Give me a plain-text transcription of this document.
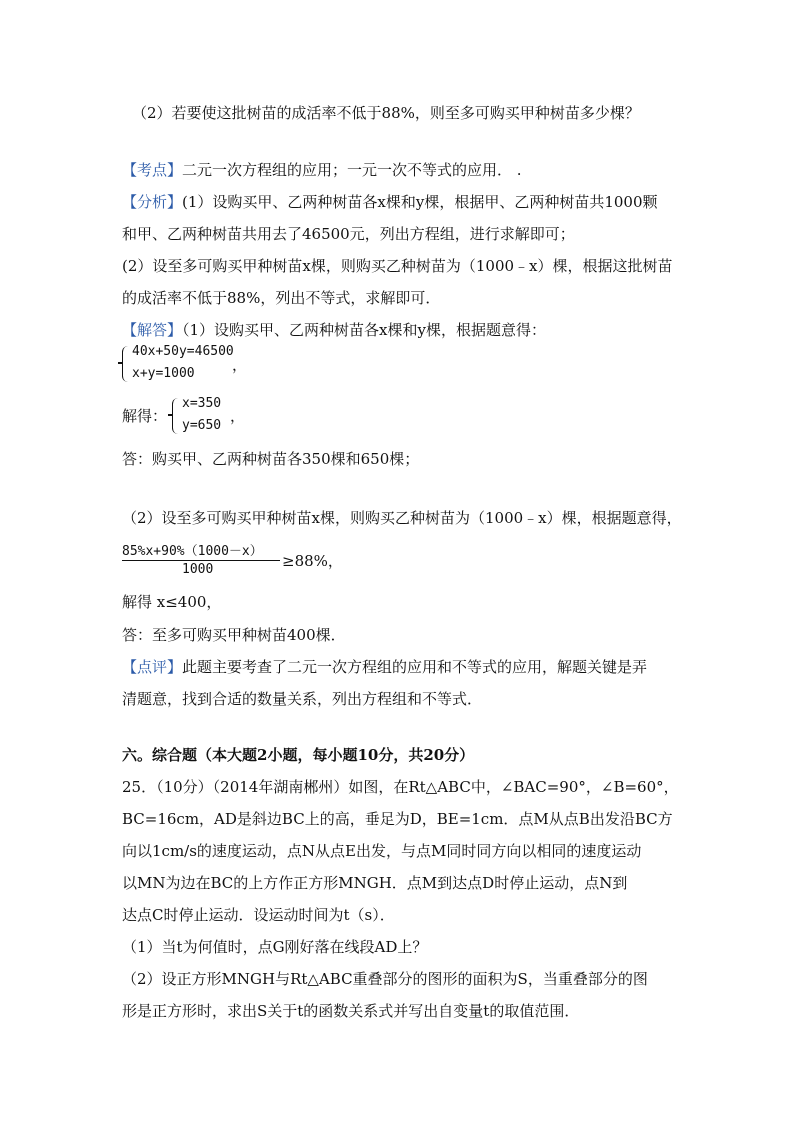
（2）若要使这批树苗的成活率不低于88%，则至多可购买甲种树苗多少棵？
【考点】二元一次方程组的应用；一元一次不等式的应用． .
【分析】(1）设购买甲、乙两种树苗各x棵和y棵，根据甲、乙两种树苗共1000颗
和甲、乙两种树苗共用去了46500元，列出方程组，进行求解即可；
(2）设至多可购买甲种树苗x棵，则购买乙种树苗为（1000﹣x）棵，根据这批树苗
的成活率不低于88%，列出不等式，求解即可．
【解答】（1）设购买甲、乙两种树苗各x棵和y棵，根据题意得：
40x+50y=46500
x+y=1000 ，
解得：
x=350
y=650
，
答：购买甲、乙两种树苗各350棵和650棵；
（2）设至多可购买甲种树苗x棵，则购买乙种树苗为（1000﹣x）棵，根据题意得，
85%x+90%（1000－x）
1000	≥88%，
解得 x≤400，
答：至多可购买甲种树苗400棵．
【点评】此题主要考查了二元一次方程组的应用和不等式的应用，解题关键是弄
清题意，找到合适的数量关系，列出方程组和不等式．
六。综合题（本大题2小题，每小题10分，共20分）
25．（10分）（2014年湖南郴州）如图，在Rt△ABC中，∠BAC=90°，∠B=60°，
BC=16cm，AD是斜边BC上的高，垂足为D，BE=1cm．点M从点B出发沿BC方
向以1cm/s的速度运动，点N从点E出发，与点M同时同方向以相同的速度运动
以MN为边在BC的上方作正方形MNGH．点M到达点D时停止运动，点N到
达点C时停止运动．设运动时间为t（s）．
（1）当t为何值时，点G刚好落在线段AD上？
（2）设正方形MNGH与Rt△ABC重叠部分的图形的面积为S，当重叠部分的图
形是正方形时，求出S关于t的函数关系式并写出自变量t的取值范围．
